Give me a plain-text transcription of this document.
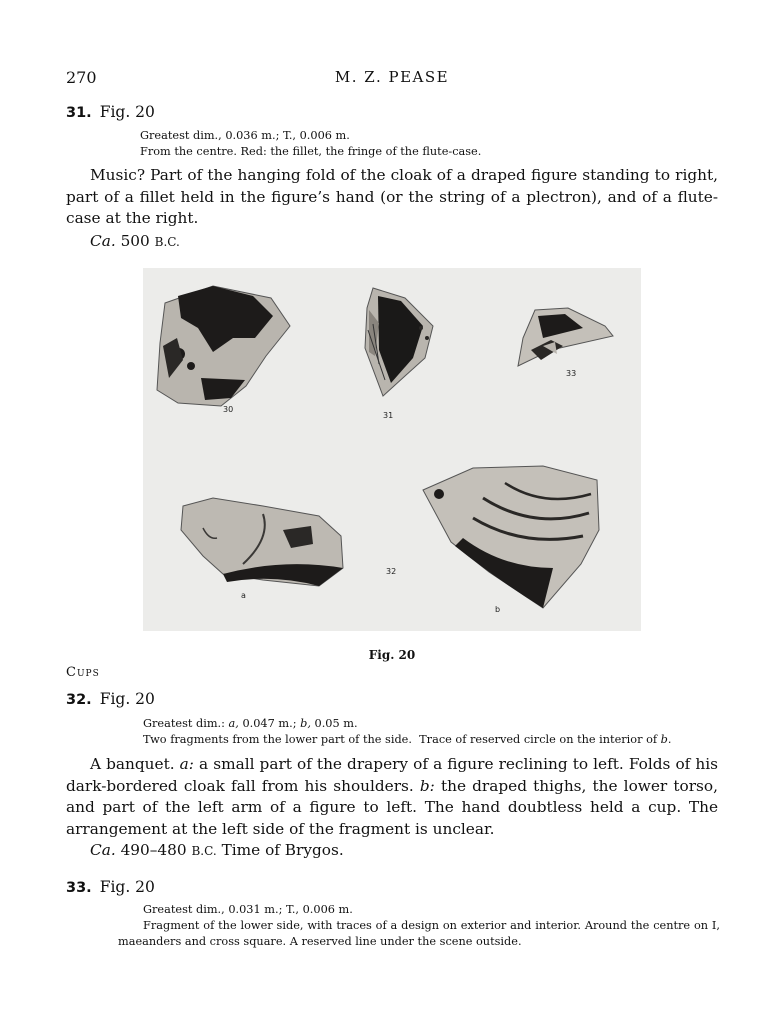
270	M. Z. PEASE
31. Fig. 20
Greatest dim., 0.036 m.; T., 0.006 m.
From the centre. Red: the fillet, the fringe of the flute-case.
Music? Part of the hanging fold of the cloak of a draped figure standing to right, part of a fillet held in the figure’s hand (or the string of a plectron), and of a flute-case at the right.
Ca. 500 B.C.
30
31
33
32
a
b
Fig. 20
Cups
32. Fig. 20
Greatest dim.: a, 0.047 m.; b, 0.05 m.
Two fragments from the lower part of the side.  Trace of reserved circle on the interior of b.
A banquet. a: a small part of the drapery of a figure reclining to left. Folds of his dark-bordered cloak fall from his shoulders. b: the draped thighs, the lower torso, and part of the left arm of a figure to left. The hand doubtless held a cup. The arrangement at the left side of the fragment is unclear.
Ca. 490–480 B.C. Time of Brygos.
33. Fig. 20
Greatest dim., 0.031 m.; T., 0.006 m.
Fragment of the lower side, with traces of a design on exterior and interior. Around the centre on I, maeanders and cross square. A reserved line under the scene outside.
